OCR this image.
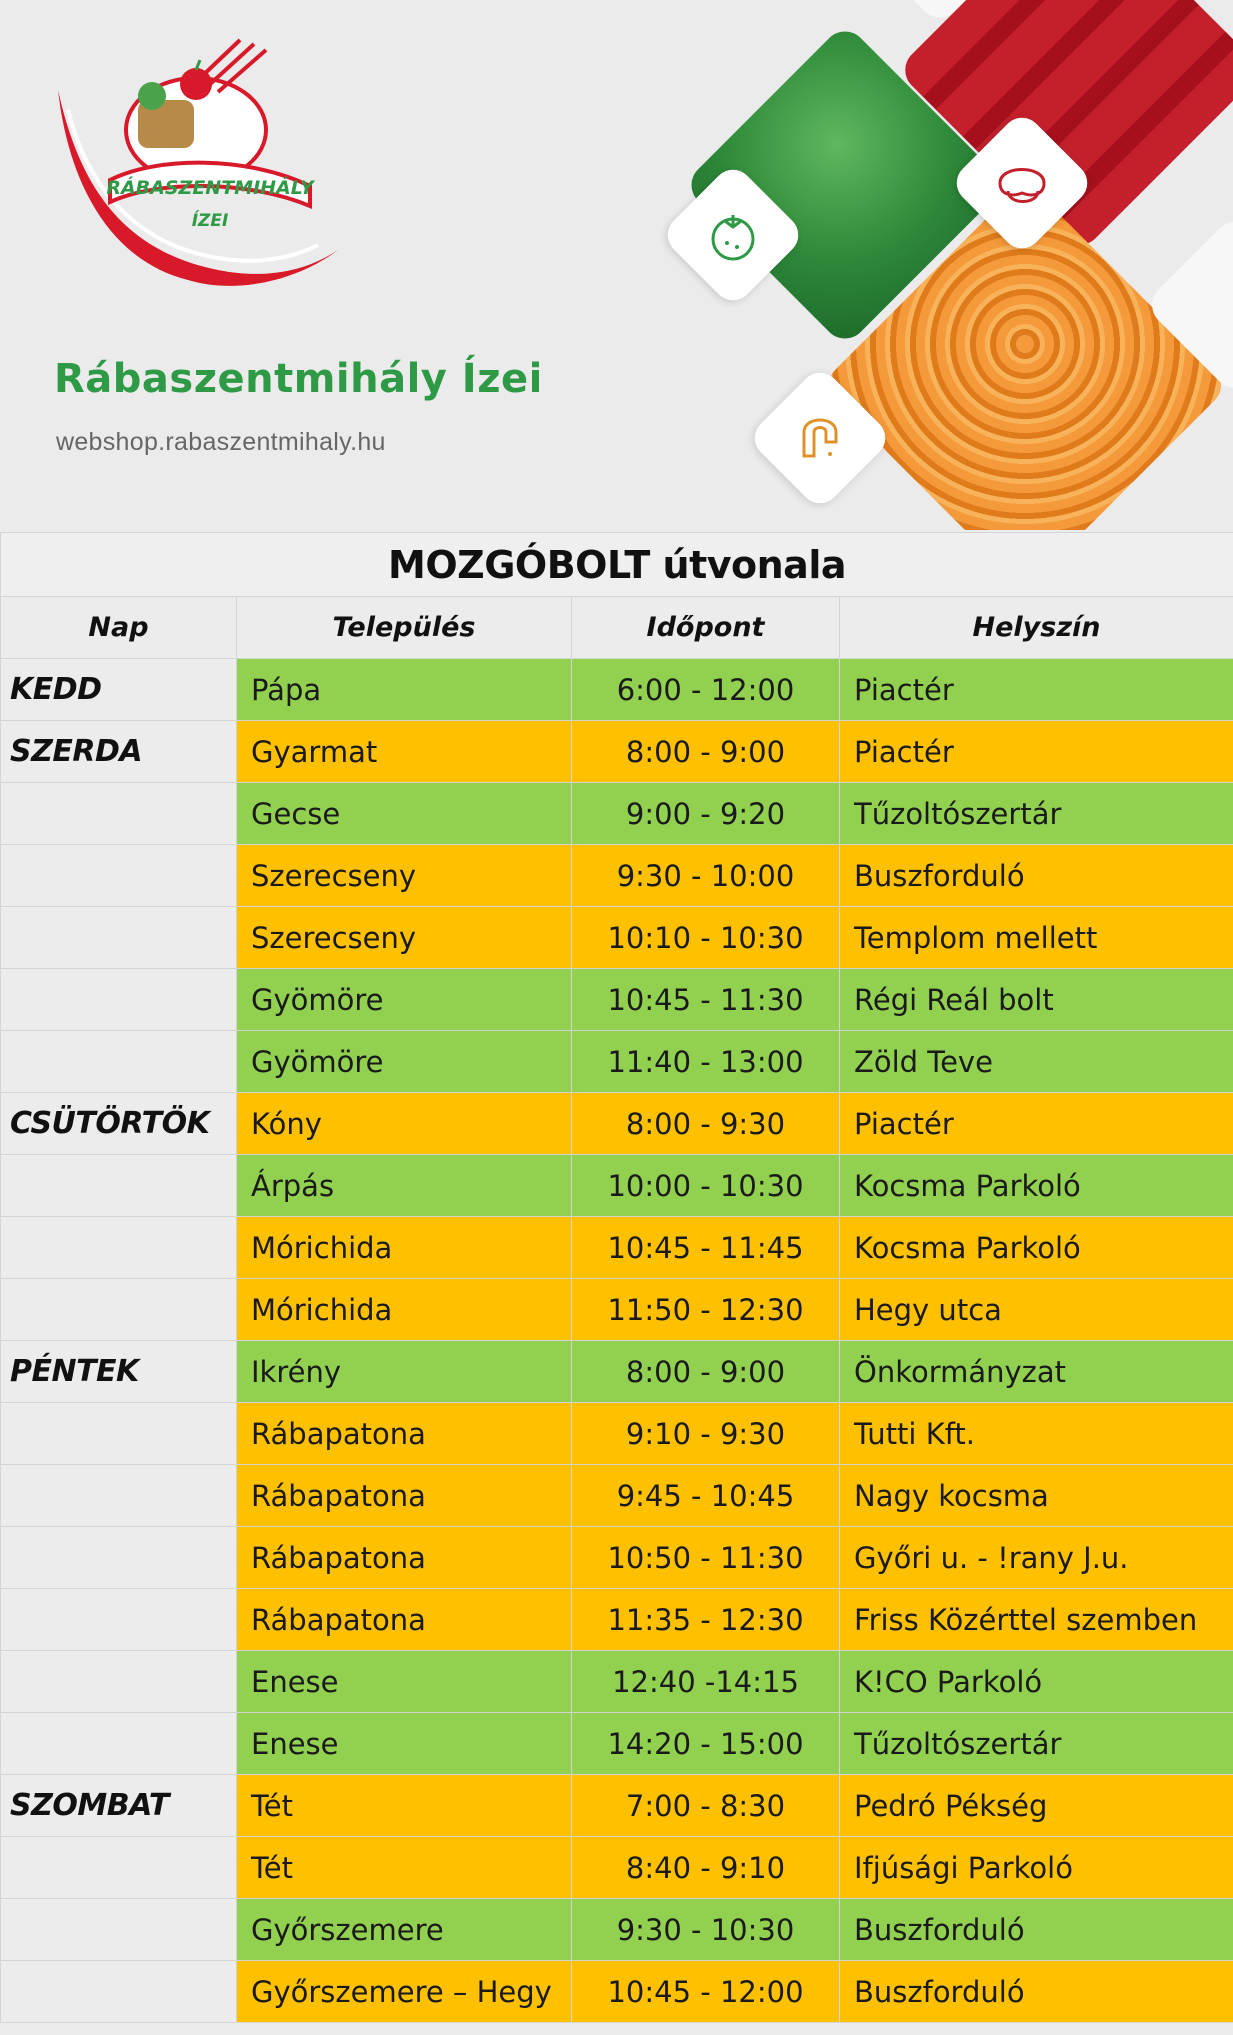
RÁBASZENTMIHÁLY
ÍZEI
Rábaszentmihály Ízei
webshop.rabaszentmihaly.hu
MOZGÓBOLT útvonala			
Nap	Település	Időpont	Helyszín
KEDD	Pápa	6:00 - 12:00	Piactér
SZERDA	Gyarmat	8:00 - 9:00	Piactér
	Gecse	9:00 - 9:20	Tűzoltószertár
	Szerecseny	9:30 - 10:00	Buszforduló
	Szerecseny	10:10 - 10:30	Templom mellett
	Gyömöre	10:45 - 11:30	Régi Reál bolt
	Gyömöre	11:40 - 13:00	Zöld Teve
CSÜTÖRTÖK	Kóny	8:00 - 9:30	Piactér
	Árpás	10:00 - 10:30	Kocsma Parkoló
	Mórichida	10:45 - 11:45	Kocsma Parkoló
	Mórichida	11:50 - 12:30	Hegy utca
PÉNTEK	Ikrény	8:00 - 9:00	Önkormányzat
	Rábapatona	9:10 - 9:30	Tutti Kft.
	Rábapatona	9:45 - 10:45	Nagy kocsma
	Rábapatona	10:50 - 11:30	Győri u. - !rany J.u.
	Rábapatona	11:35 - 12:30	Friss Közérttel szemben
	Enese	12:40 -14:15	K!CO Parkoló
	Enese	14:20 - 15:00	Tűzoltószertár
SZOMBAT	Tét	7:00 - 8:30	Pedró Pékség
	Tét	8:40 - 9:10	Ifjúsági Parkoló
	Győrszemere	9:30 - 10:30	Buszforduló
	Győrszemere – Hegy	10:45 - 12:00	Buszforduló
